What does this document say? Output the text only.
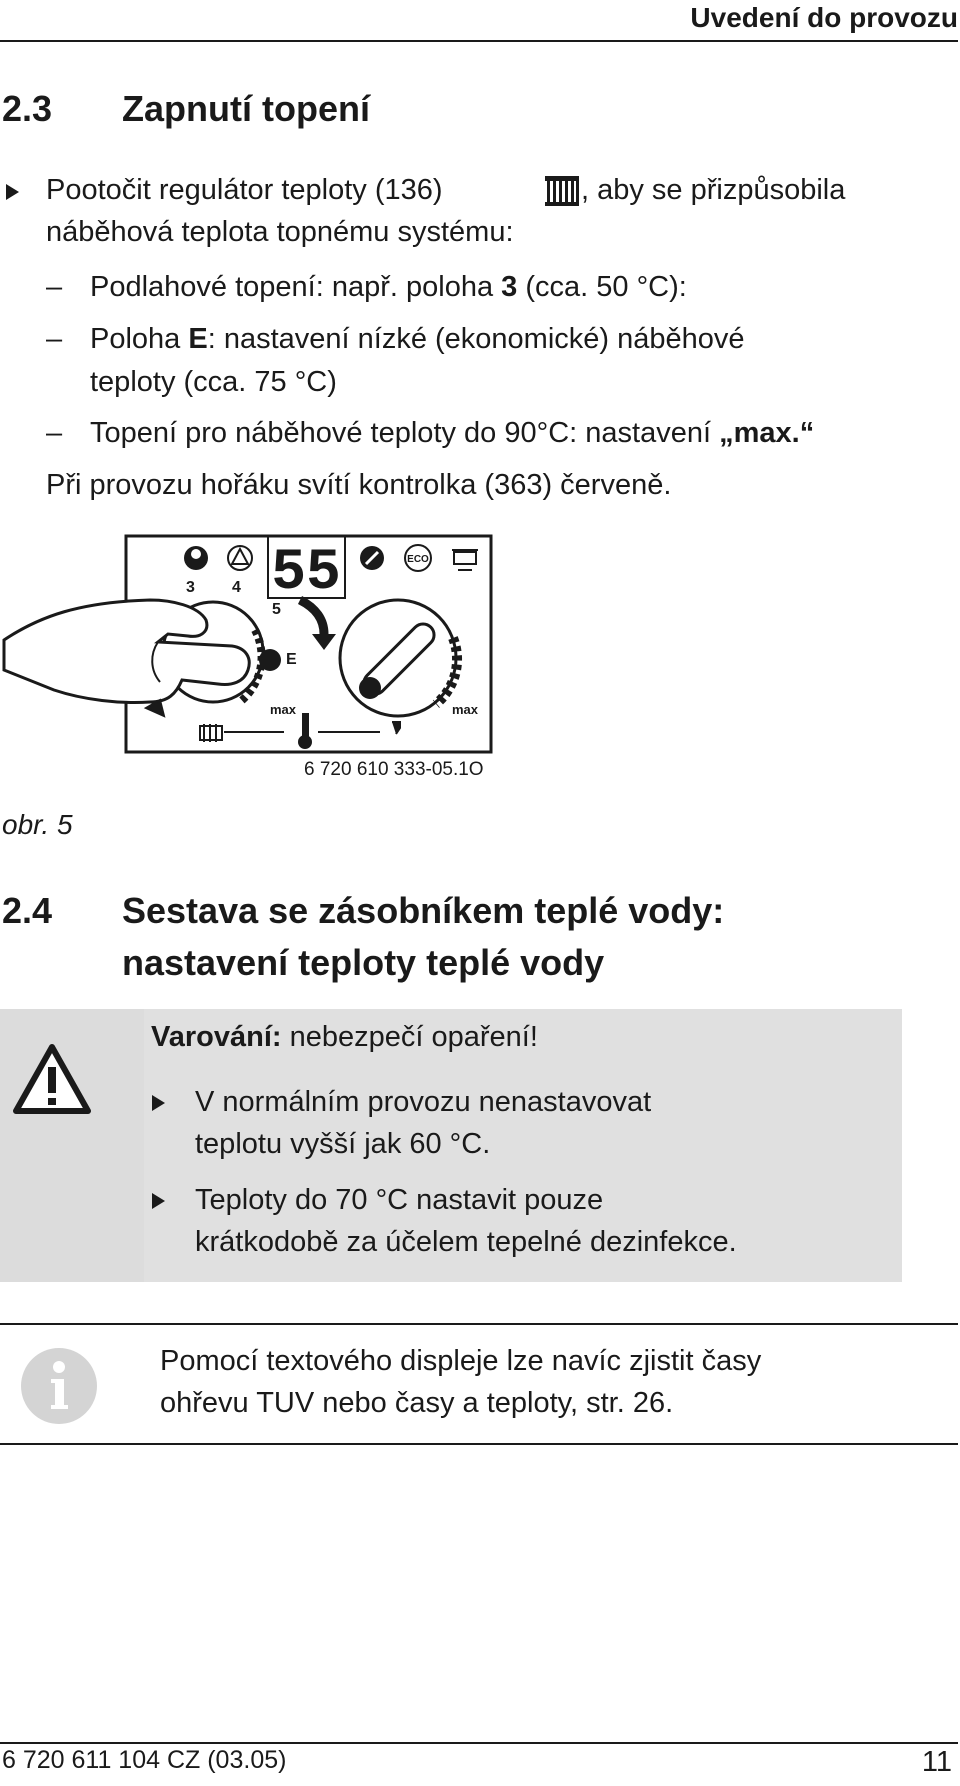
Uvedení do provozu
2.3 Zapnutí topení
Pootočit regulátor teploty (136)	, aby se přizpůsobila
náběhová teplota topnému systému:
– Podlahové topení: např. poloha 3 (cca. 50 °C):
– Poloha E: nastavení nízké (ekonomické) náběhové
teploty (cca. 75 °C)
– Topení pro náběhové teploty do 90°C: nastavení „max.“
Při provozu hořáku svítí kontrolka (363) červeně.
55	ECO
3 4
5
E
max	max
6 720 610 333-05.1O
obr. 5
2.4 Sestava se zásobníkem teplé vody:
nastavení teploty teplé vody
Varování: nebezpečí opaření!
V normálním provozu nenastavovat
teplotu vyšší jak 60 °C.
Teploty do 70 °C nastavit pouze
krátkodobě za účelem tepelné dezinfekce.
Pomocí textového displeje lze navíc zjistit časy
ohřevu TUV nebo časy a teploty, str. 26.
6 720 611 104 CZ (03.05)	11
